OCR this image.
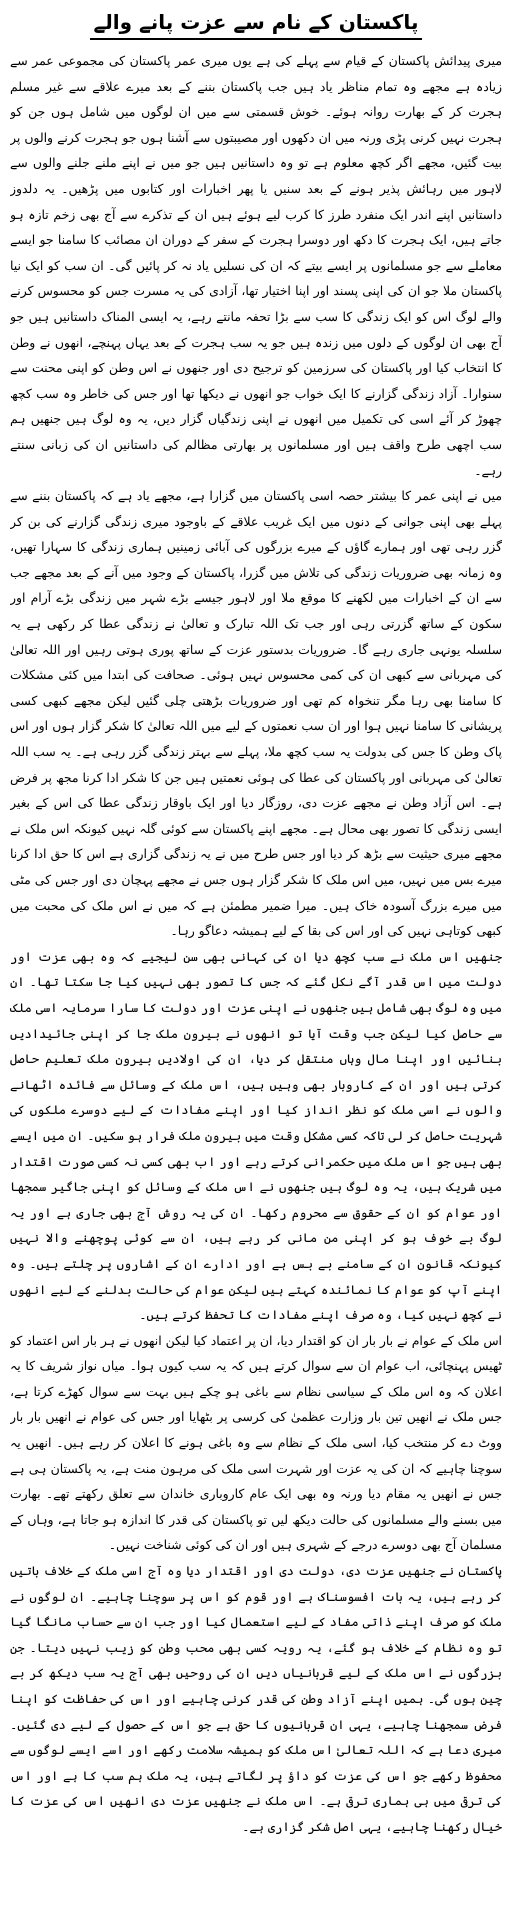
پاکستان کے نام سے عزت پانے والے

میری پیدائش پاکستان کے قیام سے پہلے کی ہے یوں میری عمر پاکستان کی مجموعی عمر سے زیادہ ہے مجھے وہ تمام مناظر یاد ہیں جب پاکستان بننے کے بعد میرے علاقے سے غیر مسلم ہجرت کر کے بھارت روانہ ہوئے۔ خوش قسمتی سے میں ان لوگوں میں شامل ہوں جن کو ہجرت نہیں کرنی پڑی ورنہ میں ان دکھوں اور مصیبتوں سے آشنا ہوں جو ہجرت کرنے والوں پر بیت گئیں، مجھے اگر کچھ معلوم ہے تو وہ داستانیں ہیں جو میں نے اپنے ملنے جلنے والوں سے لاہور میں رہائش پذیر ہونے کے بعد سنیں یا پھر اخبارات اور کتابوں میں پڑھیں۔ یہ دلدوز داستانیں اپنے اندر ایک منفرد طرز کا کرب لیے ہوئے ہیں ان کے تذکرے سے آج بھی زخم تازہ ہو جاتے ہیں، ایک ہجرت کا دکھ اور دوسرا ہجرت کے سفر کے دوران ان مصائب کا سامنا جو ایسے معاملے سے جو مسلمانوں پر ایسے بیتے کہ ان کی نسلیں یاد نہ کر پائیں گی۔ ان سب کو ایک نیا پاکستان ملا جو ان کی اپنی پسند اور اپنا اختیار تھا، آزادی کی یہ مسرت جس کو محسوس کرنے والے لوگ اس کو ایک زندگی کا سب سے بڑا تحفہ مانتے رہے، یہ ایسی المناک داستانیں ہیں جو آج بھی ان لوگوں کے دلوں میں زندہ ہیں جو یہ سب ہجرت کے بعد یہاں پہنچے، انھوں نے وطن کا انتخاب کیا اور پاکستان کی سرزمین کو ترجیح دی اور جنھوں نے اس وطن کو اپنی محنت سے سنوارا۔ آزاد زندگی گزارنے کا ایک خواب جو انھوں نے دیکھا تھا اور جس کی خاطر وہ سب کچھ چھوڑ کر آئے اسی کی تکمیل میں انھوں نے اپنی زندگیاں گزار دیں، یہ وہ لوگ ہیں جنھیں ہم سب اچھی طرح واقف ہیں اور مسلمانوں پر بھارتی مظالم کی داستانیں ان کی زبانی سنتے رہے۔

میں نے اپنی عمر کا بیشتر حصہ اسی پاکستان میں گزارا ہے، مجھے یاد ہے کہ پاکستان بننے سے پہلے بھی اپنی جوانی کے دنوں میں ایک غریب علاقے کے باوجود میری زندگی گزارنے کی بن کر گزر رہی تھی اور ہمارے گاؤں کے میرے بزرگوں کی آبائی زمینیں ہماری زندگی کا سہارا تھیں، وہ زمانہ بھی ضروریات زندگی کی تلاش میں گزرا، پاکستان کے وجود میں آنے کے بعد مجھے جب سے ان کے اخبارات میں لکھنے کا موقع ملا اور لاہور جیسے بڑے شہر میں زندگی بڑے آرام اور سکون کے ساتھ گزرتی رہی اور جب تک اللہ تبارک و تعالیٰ نے زندگی عطا کر رکھی ہے یہ سلسلہ یونہی جاری رہے گا۔ ضروریات بدستور عزت کے ساتھ پوری ہوتی رہیں اور اللہ تعالیٰ کی مہربانی سے کبھی ان کی کمی محسوس نہیں ہوئی۔ صحافت کی ابتدا میں کئی مشکلات کا سامنا بھی رہا مگر تنخواہ کم تھی اور ضروریات بڑھتی چلی گئیں لیکن مجھے کبھی کسی پریشانی کا سامنا نہیں ہوا اور ان سب نعمتوں کے لیے میں اللہ تعالیٰ کا شکر گزار ہوں اور اس پاک وطن کا جس کی بدولت یہ سب کچھ ملا، پہلے سے بہتر زندگی گزر رہی ہے۔ یہ سب اللہ تعالیٰ کی مہربانی اور پاکستان کی عطا کی ہوئی نعمتیں ہیں جن کا شکر ادا کرنا مجھ پر فرض ہے۔ اس آزاد وطن نے مجھے عزت دی، روزگار دیا اور ایک باوقار زندگی عطا کی اس کے بغیر ایسی زندگی کا تصور بھی محال ہے۔ مجھے اپنے پاکستان سے کوئی گلہ نہیں کیونکہ اس ملک نے مجھے میری حیثیت سے بڑھ کر دیا اور جس طرح میں نے یہ زندگی گزاری ہے اس کا حق ادا کرنا میرے بس میں نہیں، میں اس ملک کا شکر گزار ہوں جس نے مجھے پہچان دی اور جس کی مٹی میں میرے بزرگ آسودہ خاک ہیں۔ میرا ضمیر مطمئن ہے کہ میں نے اس ملک کی محبت میں کبھی کوتاہی نہیں کی اور اس کی بقا کے لیے ہمیشہ دعاگو رہا۔

جنھیں اس ملک نے سب کچھ دیا ان کی کہانی بھی سن لیجیے کہ وہ بھی عزت اور دولت میں اس قدر آگے نکل گئے کہ جس کا تصور بھی نہیں کیا جا سکتا تھا۔ ان میں وہ لوگ بھی شامل ہیں جنھوں نے اپنی عزت اور دولت کا سارا سرمایہ اسی ملک سے حاصل کیا لیکن جب وقت آیا تو انھوں نے بیرون ملک جا کر اپنی جائیدادیں بنائیں اور اپنا مال وہاں منتقل کر دیا، ان کی اولادیں بیرون ملک تعلیم حاصل کرتی ہیں اور ان کے کاروبار بھی وہیں ہیں، اس ملک کے وسائل سے فائدہ اٹھانے والوں نے اسی ملک کو نظر انداز کیا اور اپنے مفادات کے لیے دوسرے ملکوں کی شہریت حاصل کر لی تاکہ کسی مشکل وقت میں بیرون ملک فرار ہو سکیں۔ ان میں ایسے بھی ہیں جو اس ملک میں حکمرانی کرتے رہے اور اب بھی کسی نہ کسی صورت اقتدار میں شریک ہیں، یہ وہ لوگ ہیں جنھوں نے اس ملک کے وسائل کو اپنی جاگیر سمجھا اور عوام کو ان کے حقوق سے محروم رکھا۔ ان کی یہ روش آج بھی جاری ہے اور یہ لوگ بے خوف ہو کر اپنی من مانی کر رہے ہیں، ان سے کوئی پوچھنے والا نہیں کیونکہ قانون ان کے سامنے بے بس ہے اور ادارے ان کے اشاروں پر چلتے ہیں۔ وہ اپنے آپ کو عوام کا نمائندہ کہتے ہیں لیکن عوام کی حالت بدلنے کے لیے انھوں نے کچھ نہیں کیا، وہ صرف اپنے مفادات کا تحفظ کرتے ہیں۔

اس ملک کے عوام نے بار بار ان کو اقتدار دیا، ان پر اعتماد کیا لیکن انھوں نے ہر بار اس اعتماد کو ٹھیس پہنچائی، اب عوام ان سے سوال کرتے ہیں کہ یہ سب کیوں ہوا۔ میاں نواز شریف کا یہ اعلان کہ وہ اس ملک کے سیاسی نظام سے باغی ہو چکے ہیں بہت سے سوال کھڑے کرتا ہے، جس ملک نے انھیں تین بار وزارت عظمیٰ کی کرسی پر بٹھایا اور جس کی عوام نے انھیں بار بار ووٹ دے کر منتخب کیا، اسی ملک کے نظام سے وہ باغی ہونے کا اعلان کر رہے ہیں۔ انھیں یہ سوچنا چاہیے کہ ان کی یہ عزت اور شہرت اسی ملک کی مرہون منت ہے، یہ پاکستان ہی ہے جس نے انھیں یہ مقام دیا ورنہ وہ بھی ایک عام کاروباری خاندان سے تعلق رکھتے تھے۔ بھارت میں بسنے والے مسلمانوں کی حالت دیکھ لیں تو پاکستان کی قدر کا اندازہ ہو جاتا ہے، وہاں کے مسلمان آج بھی دوسرے درجے کے شہری ہیں اور ان کی کوئی شناخت نہیں۔

پاکستان نے جنھیں عزت دی، دولت دی اور اقتدار دیا وہ آج اسی ملک کے خلاف باتیں کر رہے ہیں، یہ بات افسوسناک ہے اور قوم کو اس پر سوچنا چاہیے۔ ان لوگوں نے ملک کو صرف اپنے ذاتی مفاد کے لیے استعمال کیا اور جب ان سے حساب مانگا گیا تو وہ نظام کے خلاف ہو گئے، یہ رویہ کسی بھی محب وطن کو زیب نہیں دیتا۔ جن بزرگوں نے اس ملک کے لیے قربانیاں دیں ان کی روحیں بھی آج یہ سب دیکھ کر بے چین ہوں گی۔ ہمیں اپنے آزاد وطن کی قدر کرنی چاہیے اور اس کی حفاظت کو اپنا فرض سمجھنا چاہیے، یہی ان قربانیوں کا حق ہے جو اس کے حصول کے لیے دی گئیں۔ میری دعا ہے کہ اللہ تعالیٰ اس ملک کو ہمیشہ سلامت رکھے اور اسے ایسے لوگوں سے محفوظ رکھے جو اس کی عزت کو داؤ پر لگاتے ہیں، یہ ملک ہم سب کا ہے اور اس کی ترقی میں ہی ہماری ترقی ہے۔ اس ملک نے جنھیں عزت دی انھیں اس کی عزت کا خیال رکھنا چاہیے، یہی اصل شکر گزاری ہے۔
